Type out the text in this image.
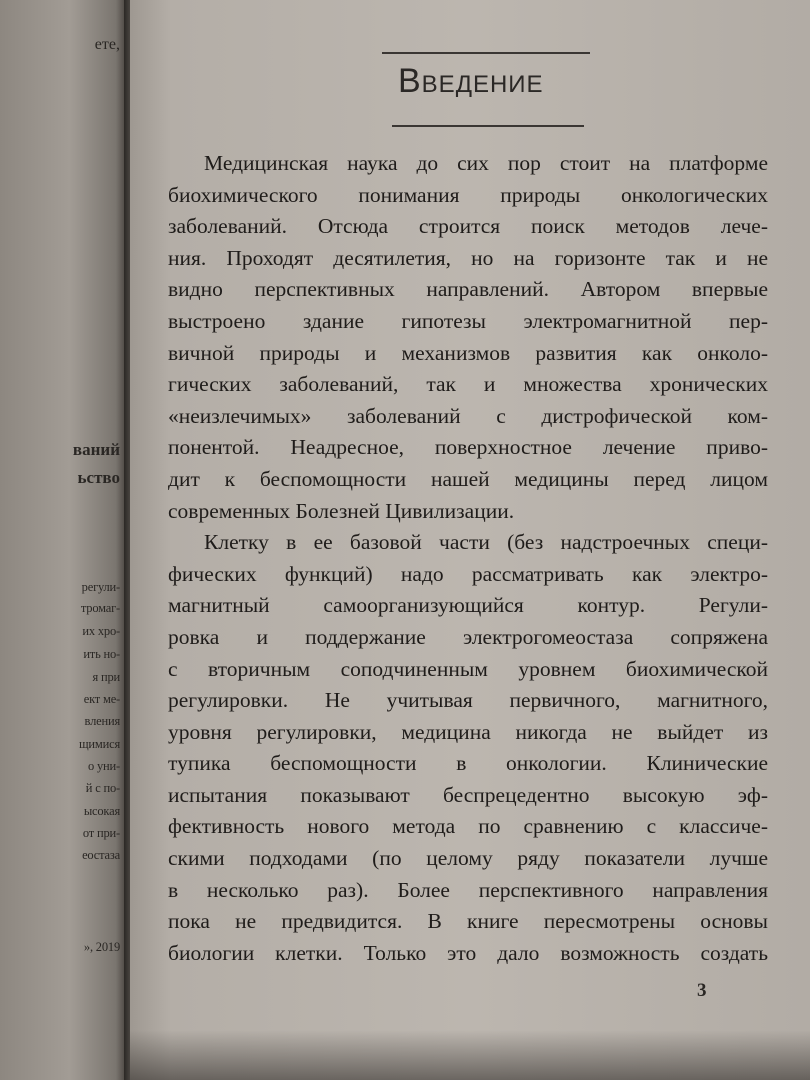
ете,
ваний
ьство
регули-
тромаг-
их хро-
ить но-
я при
ект ме-
вления
щимися
о уни-
й с по-
ысокая
от при-
еостаза
», 2019
Введение
Медицинская наука до сих пор стоит на платформе
биохимического понимания природы онкологических
заболеваний. Отсюда строится поиск методов лече-
ния. Проходят десятилетия, но на горизонте так и не
видно перспективных направлений. Автором впервые
выстроено здание гипотезы электромагнитной пер-
вичной природы и механизмов развития как онколо-
гических заболеваний, так и множества хронических
«неизлечимых» заболеваний с дистрофической ком-
понентой. Неадресное, поверхностное лечение приво-
дит к беспомощности нашей медицины перед лицом
современных Болезней Цивилизации.
Клетку в ее базовой части (без надстроечных специ-
фических функций) надо рассматривать как электро-
магнитный самоорганизующийся контур. Регули-
ровка и поддержание электрогомеостаза сопряжена
с вторичным соподчиненным уровнем биохимической
регулировки. Не учитывая первичного, магнитного,
уровня регулировки, медицина никогда не выйдет из
тупика беспомощности в онкологии. Клинические
испытания показывают беспрецедентно высокую эф-
фективность нового метода по сравнению с классиче-
скими подходами (по целому ряду показатели лучше
в несколько раз). Более перспективного направления
пока не предвидится. В книге пересмотрены основы
биологии клетки. Только это дало возможность создать
3
